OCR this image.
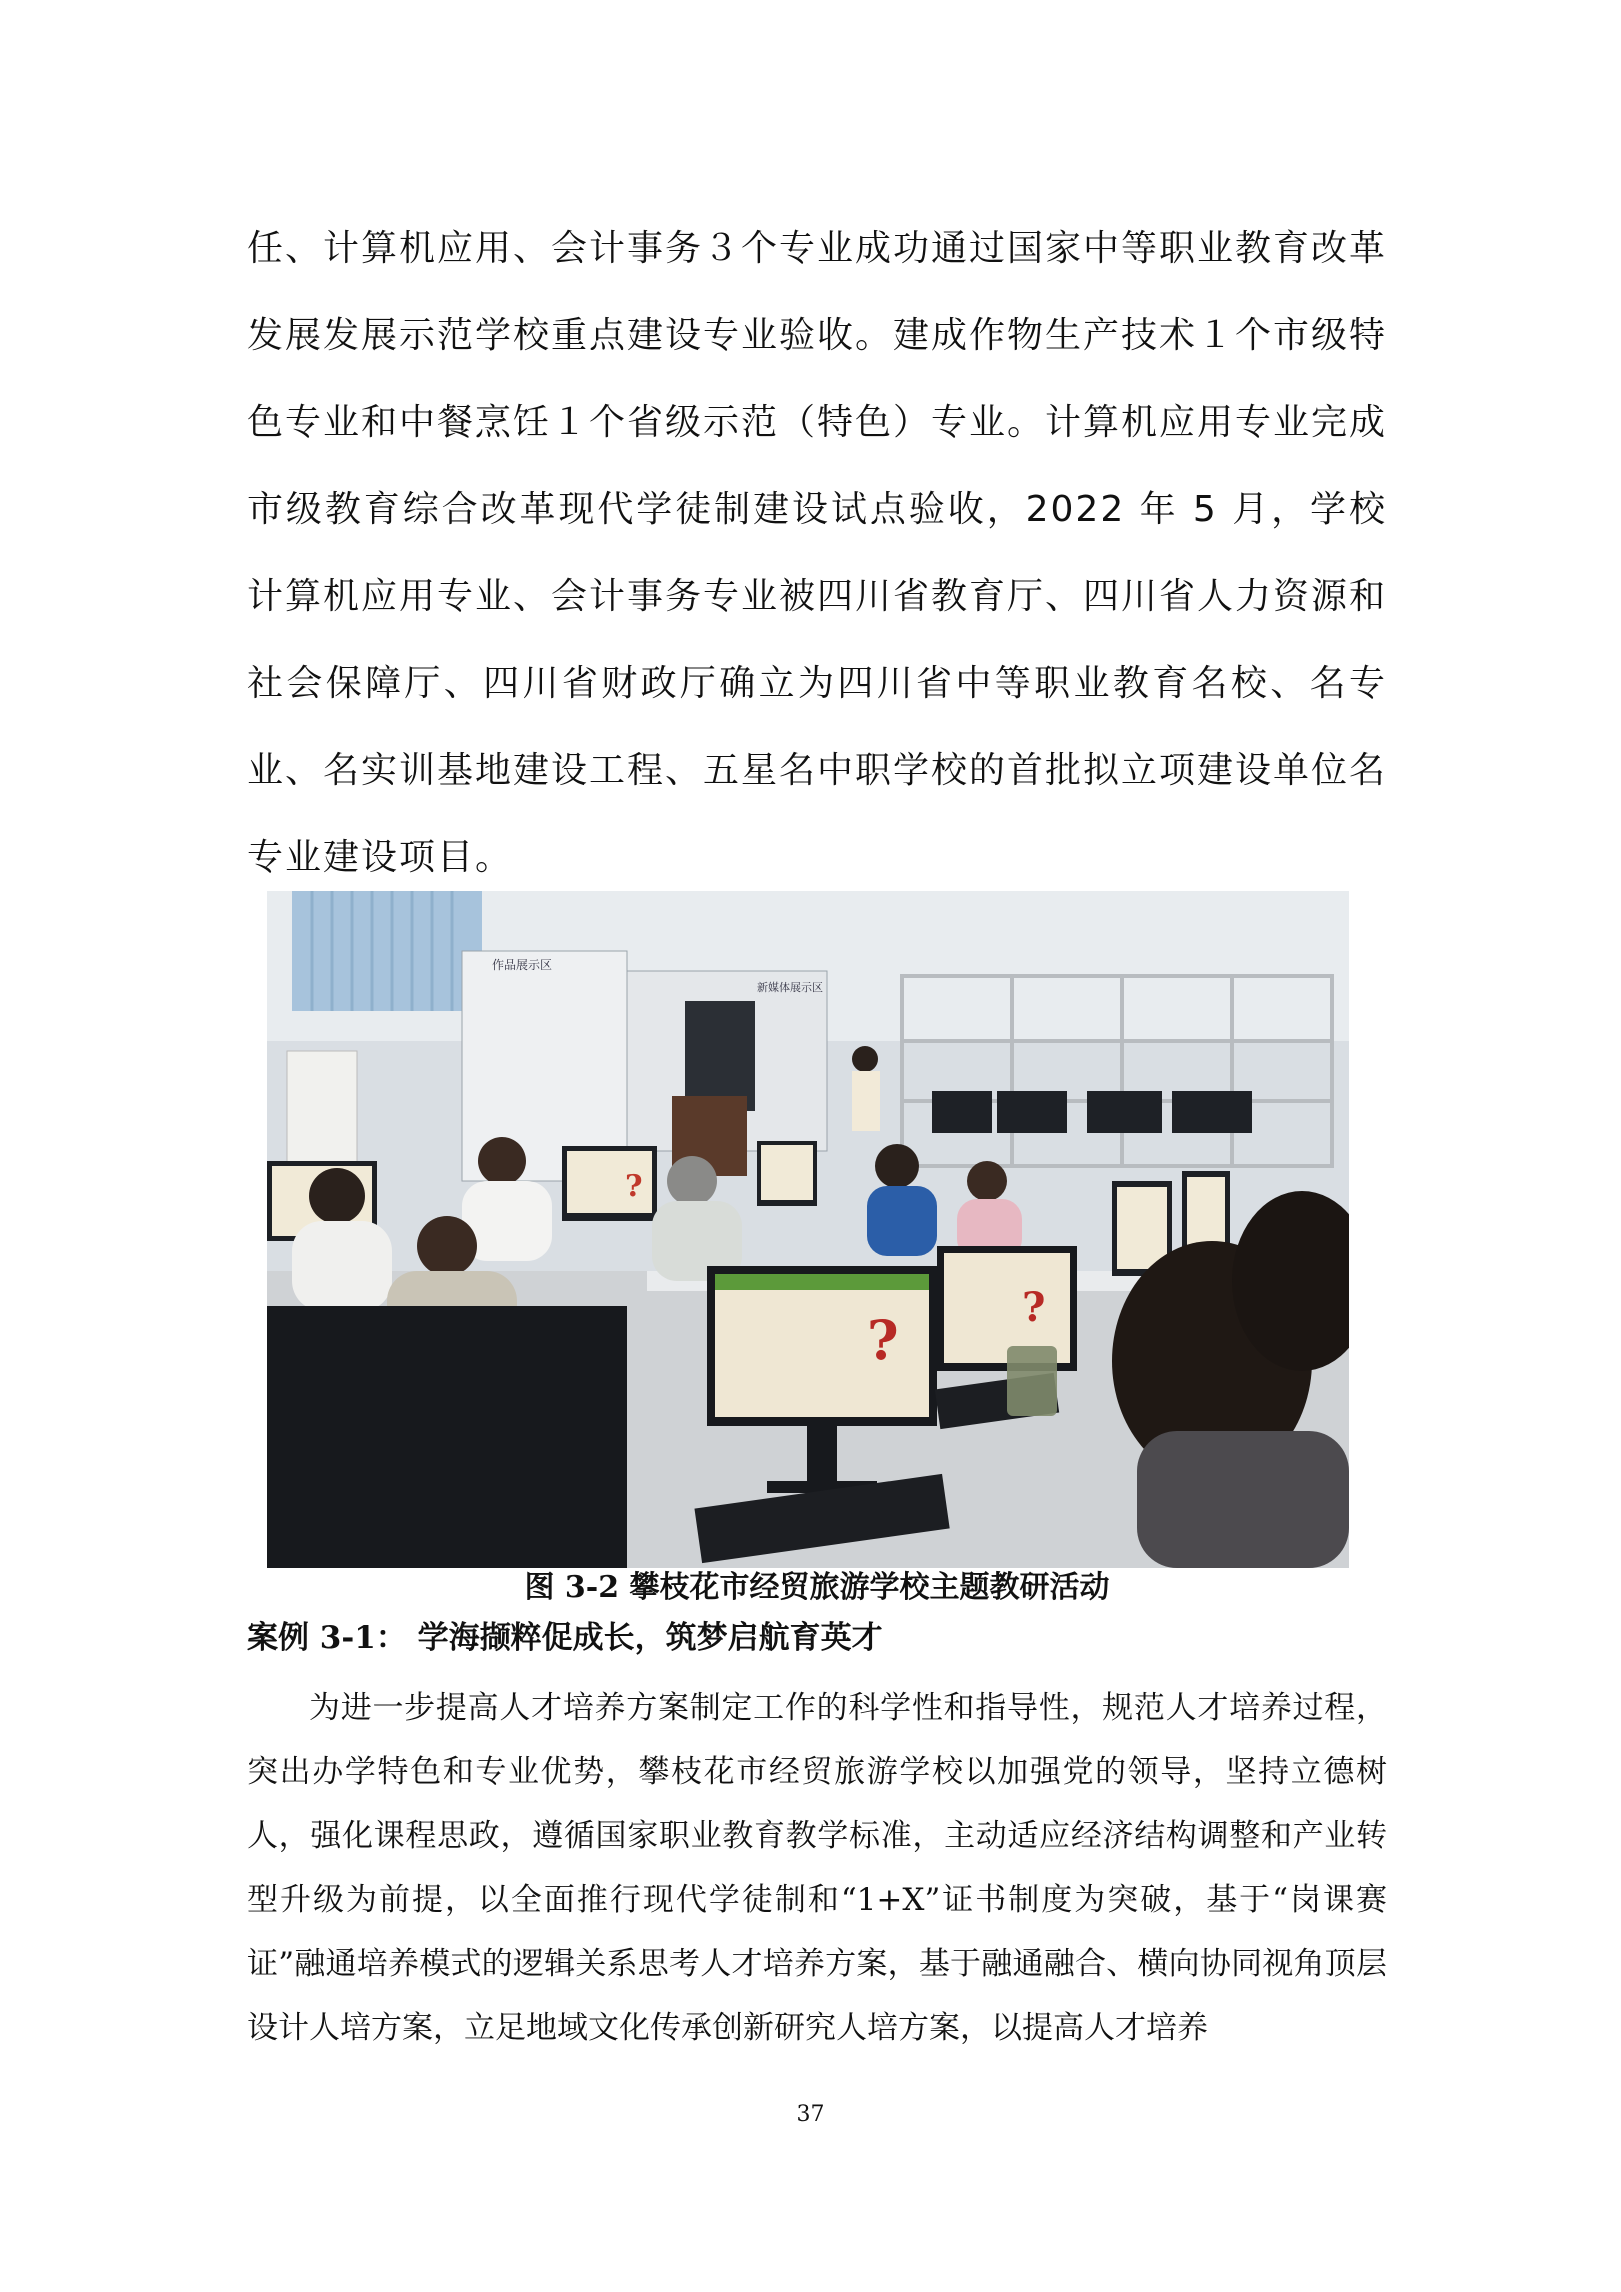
任、计算机应用、会计事务３个专业成功通过国家中等职业教育改革发展发展示范学校重点建设专业验收。建成作物生产技术１个市级特色专业和中餐烹饪１个省级示范（特色）专业。计算机应用专业完成市级教育综合改革现代学徒制建设试点验收，2022 年 5 月，学校计算机应用专业、会计事务专业被四川省教育厅、四川省人力资源和社会保障厅、四川省财政厅确立为四川省中等职业教育名校、名专业、名实训基地建设工程、五星名中职学校的首批拟立项建设单位名专业建设项目。

作品展示区
新媒体展示区
?
?
?
图 3-2 攀枝花市经贸旅游学校主题教研活动
案例 3-1： 学海撷粹促成长，筑梦启航育英才

为进一步提高人才培养方案制定工作的科学性和指导性，规范人才培养过程，突出办学特色和专业优势，攀枝花市经贸旅游学校以加强党的领导，坚持立德树人，强化课程思政，遵循国家职业教育教学标准，主动适应经济结构调整和产业转型升级为前提，以全面推行现代学徒制和“1+X”证书制度为突破，基于“岗课赛证”融通培养模式的逻辑关系思考人才培养方案，基于融通融合、横向协同视角顶层设计人培方案，立足地域文化传承创新研究人培方案，以提高人才培养

37
